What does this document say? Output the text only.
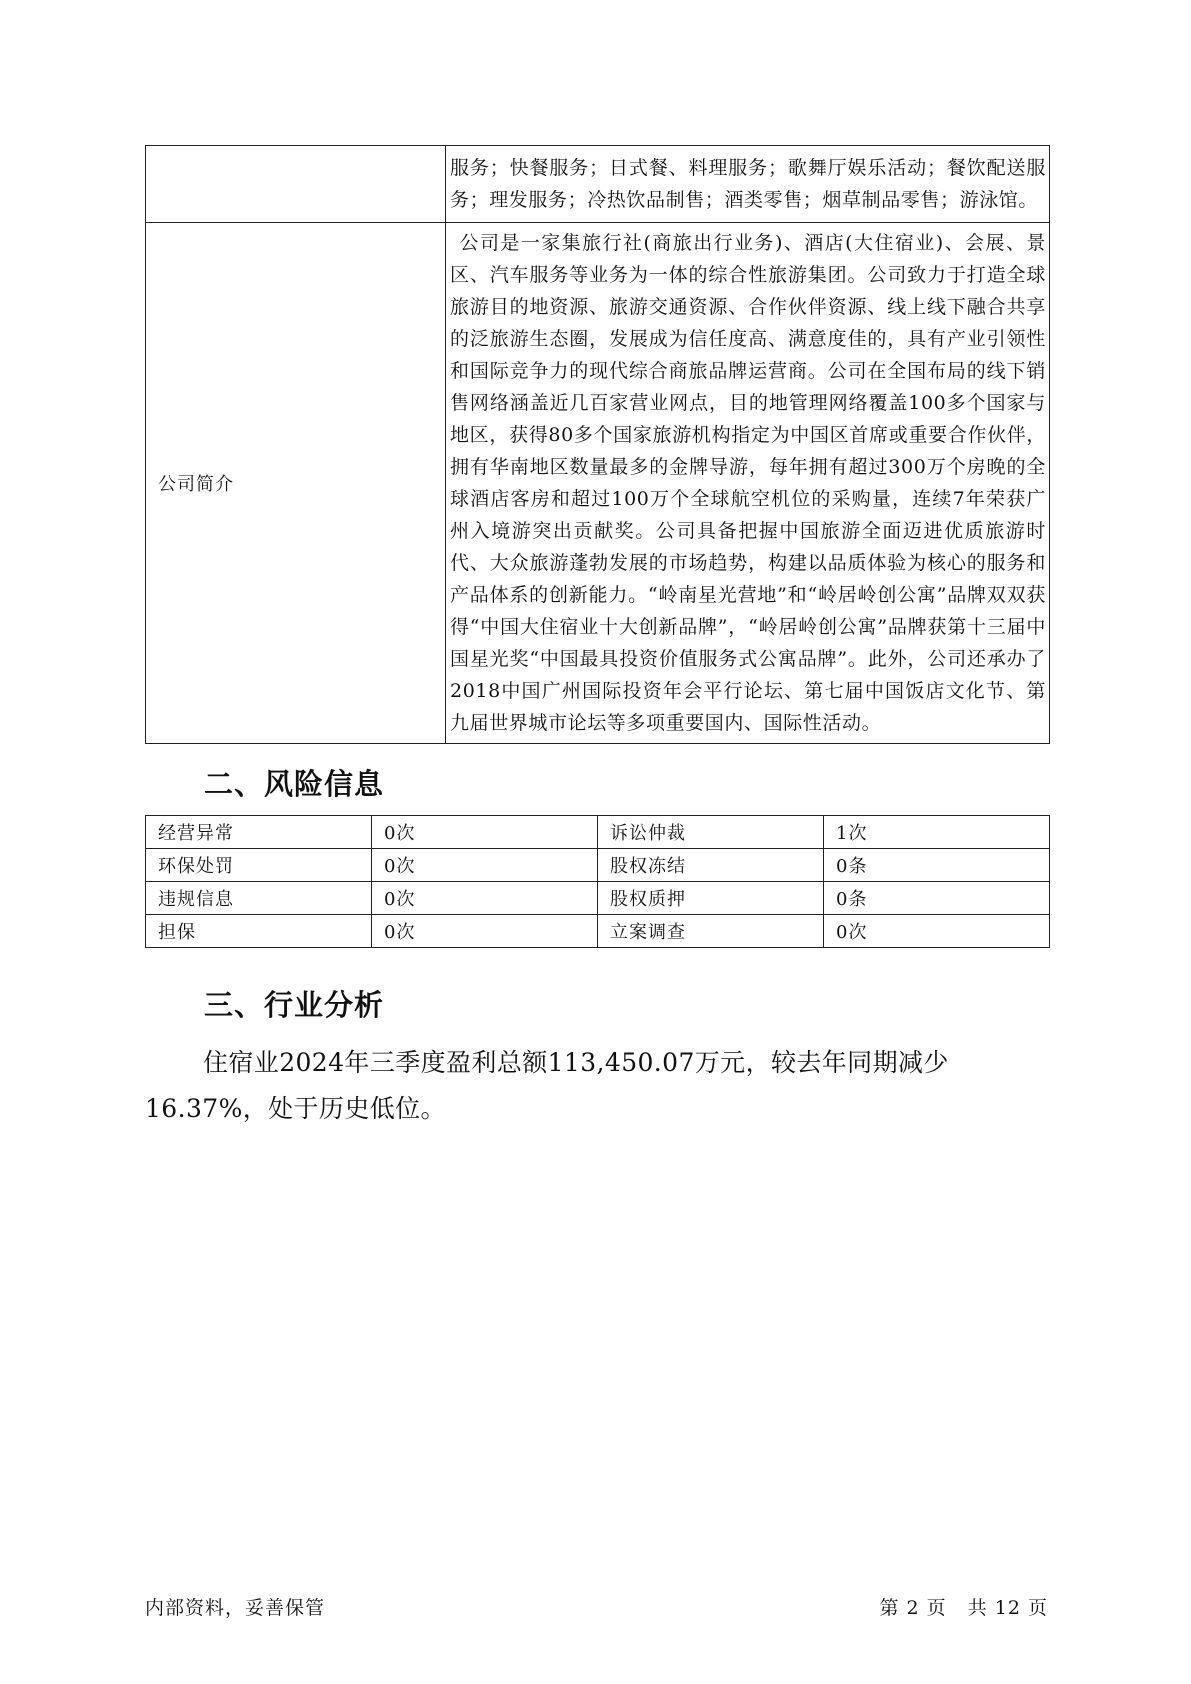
	服务；快餐服务；日式餐、料理服务；歌舞厅娱乐活动；餐饮配送服务；理发服务；冷热饮品制售；酒类零售；烟草制品零售；游泳馆。
公司简介	公司是一家集旅行社(商旅出行业务)、酒店(大住宿业)、会展、景区、汽车服务等业务为一体的综合性旅游集团。公司致力于打造全球旅游目的地资源、旅游交通资源、合作伙伴资源、线上线下融合共享的泛旅游生态圈，发展成为信任度高、满意度佳的，具有产业引领性和国际竞争力的现代综合商旅品牌运营商。公司在全国布局的线下销售网络涵盖近几百家营业网点，目的地管理网络覆盖100多个国家与地区，获得80多个国家旅游机构指定为中国区首席或重要合作伙伴，拥有华南地区数量最多的金牌导游，每年拥有超过300万个房晚的全球酒店客房和超过100万个全球航空机位的采购量，连续7年荣获广州入境游突出贡献奖。公司具备把握中国旅游全面迈进优质旅游时代、大众旅游蓬勃发展的市场趋势，构建以品质体验为核心的服务和产品体系的创新能力。“岭南星光营地”和“岭居岭创公寓”品牌双双获得“中国大住宿业十大创新品牌”，“岭居岭创公寓”品牌获第十三届中国星光奖“中国最具投资价值服务式公寓品牌”。此外，公司还承办了2018中国广州国际投资年会平行论坛、第七届中国饭店文化节、第九届世界城市论坛等多项重要国内、国际性活动。
二、风险信息
经营异常	0次	诉讼仲裁	1次
环保处罚	0次	股权冻结	0条
违规信息	0次	股权质押	0条
担保	0次	立案调查	0次
三、行业分析

住宿业2024年三季度盈利总额113,450.07万元，较去年同期减少16.37%，处于历史低位。

内部资料，妥善保管	第 2 页   共 12 页
